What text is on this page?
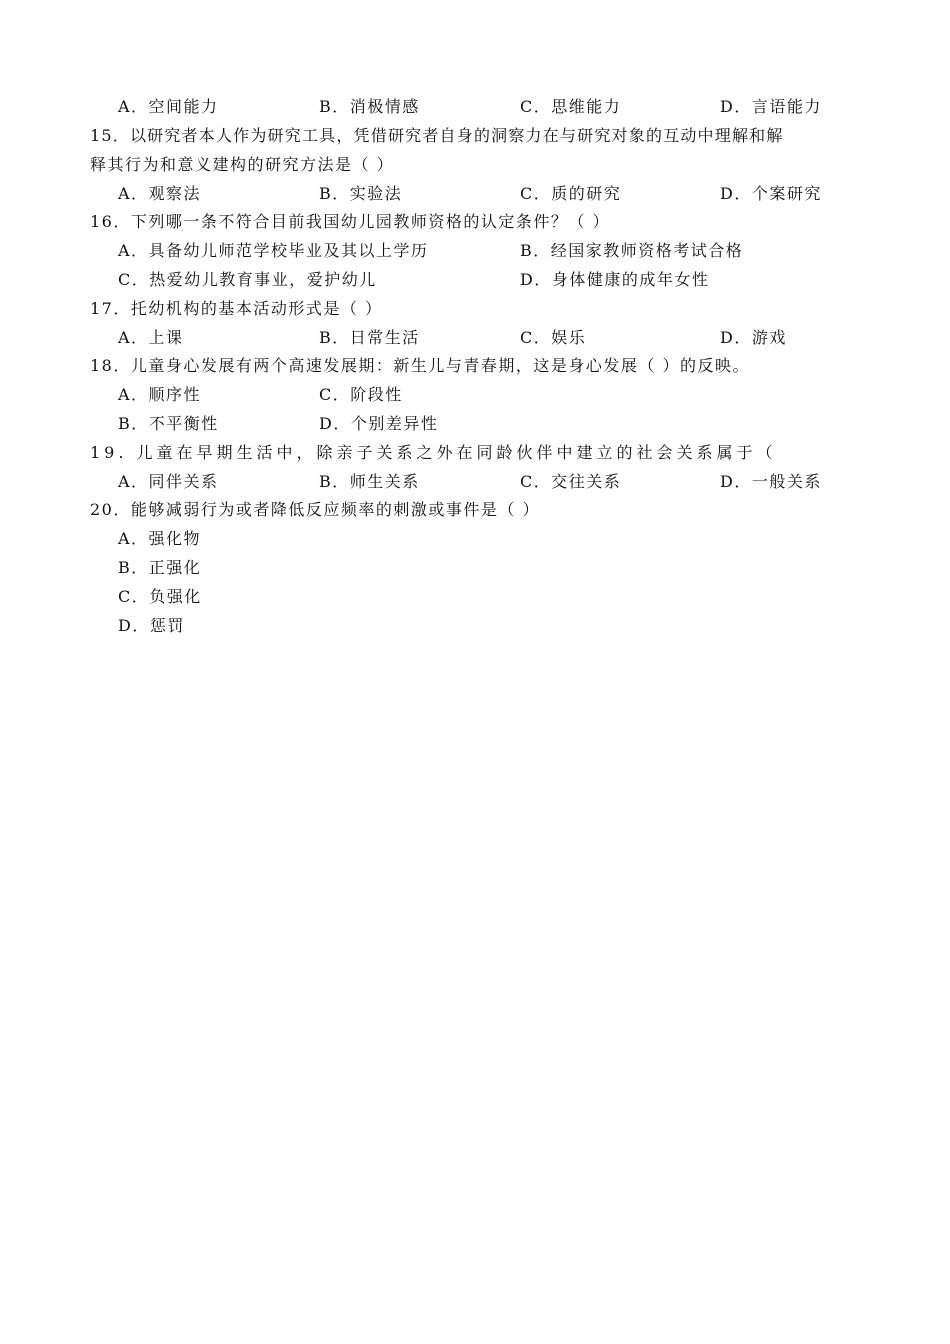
A．空间能力	B．消极情感	C．思维能力	D．言语能力
15．以研究者本人作为研究工具，凭借研究者自身的洞察力在与研究对象的互动中理解和解
释其行为和意义建构的研究方法是（ ）
A．观察法	B．实验法	C．质的研究	D．个案研究
16．下列哪一条不符合目前我国幼儿园教师资格的认定条件？（ ）
A．具备幼儿师范学校毕业及其以上学历	B．经国家教师资格考试合格
C．热爱幼儿教育事业，爱护幼儿	D．身体健康的成年女性
17．托幼机构的基本活动形式是（ ）
A．上课	B．日常生活	C．娱乐	D．游戏
18．儿童身心发展有两个高速发展期：新生儿与青春期，这是身心发展（ ）的反映。
A．顺序性	C．阶段性
B．不平衡性	D．个别差异性
19. 儿童在早期生活中，除亲子关系之外在同龄伙伴中建立的社会关系属于（
A．同伴关系	B．师生关系	C．交往关系	D．一般关系
20．能够减弱行为或者降低反应频率的刺激或事件是（ ）
A．强化物
B．正强化
C．负强化
D．惩罚
